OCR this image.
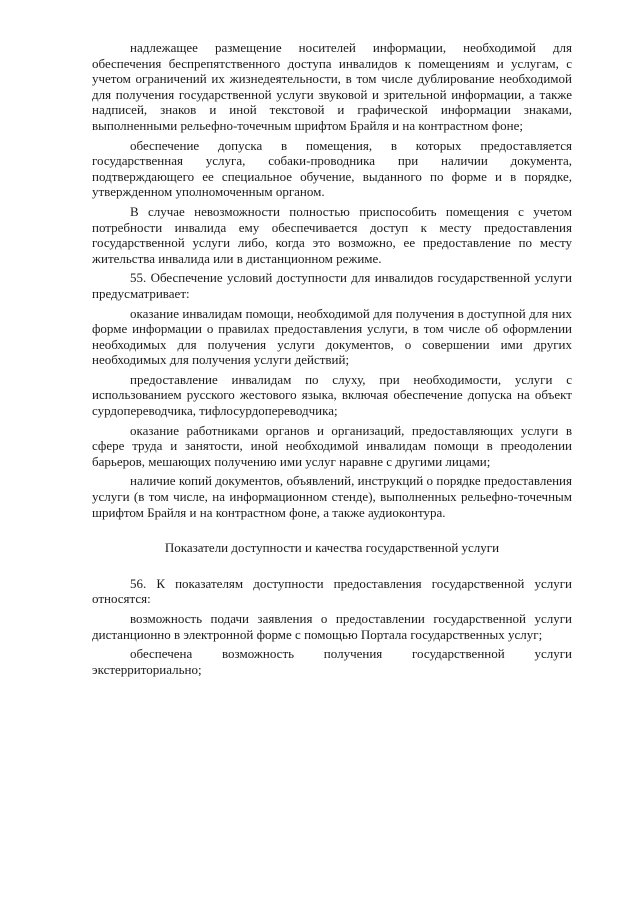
надлежащее размещение носителей информации, необходимой для обеспечения беспрепятственного доступа инвалидов к помещениям и услугам, с учетом ограничений их жизнедеятельности, в том числе дублирование необходимой для получения государственной услуги звуковой и зрительной информации, а также надписей, знаков и иной текстовой и графической информации знаками, выполненными рельефно-точечным шрифтом Брайля и на контрастном фоне;

обеспечение допуска в помещения, в которых предоставляется государственная услуга, собаки-проводника при наличии документа, подтверждающего ее специальное обучение, выданного по форме и в порядке, утвержденном уполномоченным органом.

В случае невозможности полностью приспособить помещения с учетом потребности инвалида ему обеспечивается доступ к месту предоставления государственной услуги либо, когда это возможно, ее предоставление по месту жительства инвалида или в дистанционном режиме.

55. Обеспечение условий доступности для инвалидов государственной услуги предусматривает:

оказание инвалидам помощи, необходимой для получения в доступной для них форме информации о правилах предоставления услуги, в том числе об оформлении необходимых для получения услуги документов, о совершении ими других необходимых для получения услуги действий;

предоставление инвалидам по слуху, при необходимости, услуги с использованием русского жестового языка, включая обеспечение допуска на объект сурдопереводчика, тифлосурдопереводчика;

оказание работниками органов и организаций, предоставляющих услуги в сфере труда и занятости, иной необходимой инвалидам помощи в преодолении барьеров, мешающих получению ими услуг наравне с другими лицами;

наличие копий документов, объявлений, инструкций о порядке предоставления услуги (в том числе, на информационном стенде), выполненных рельефно-точечным шрифтом Брайля и на контрастном фоне, а также аудиоконтура.

Показатели доступности и качества государственной услуги

56. К показателям доступности предоставления государственной услуги относятся:

возможность подачи заявления о предоставлении государственной услуги дистанционно в электронной форме с помощью Портала государственных услуг;

обеспечена возможность получения государственной услуги экстерриториально;
